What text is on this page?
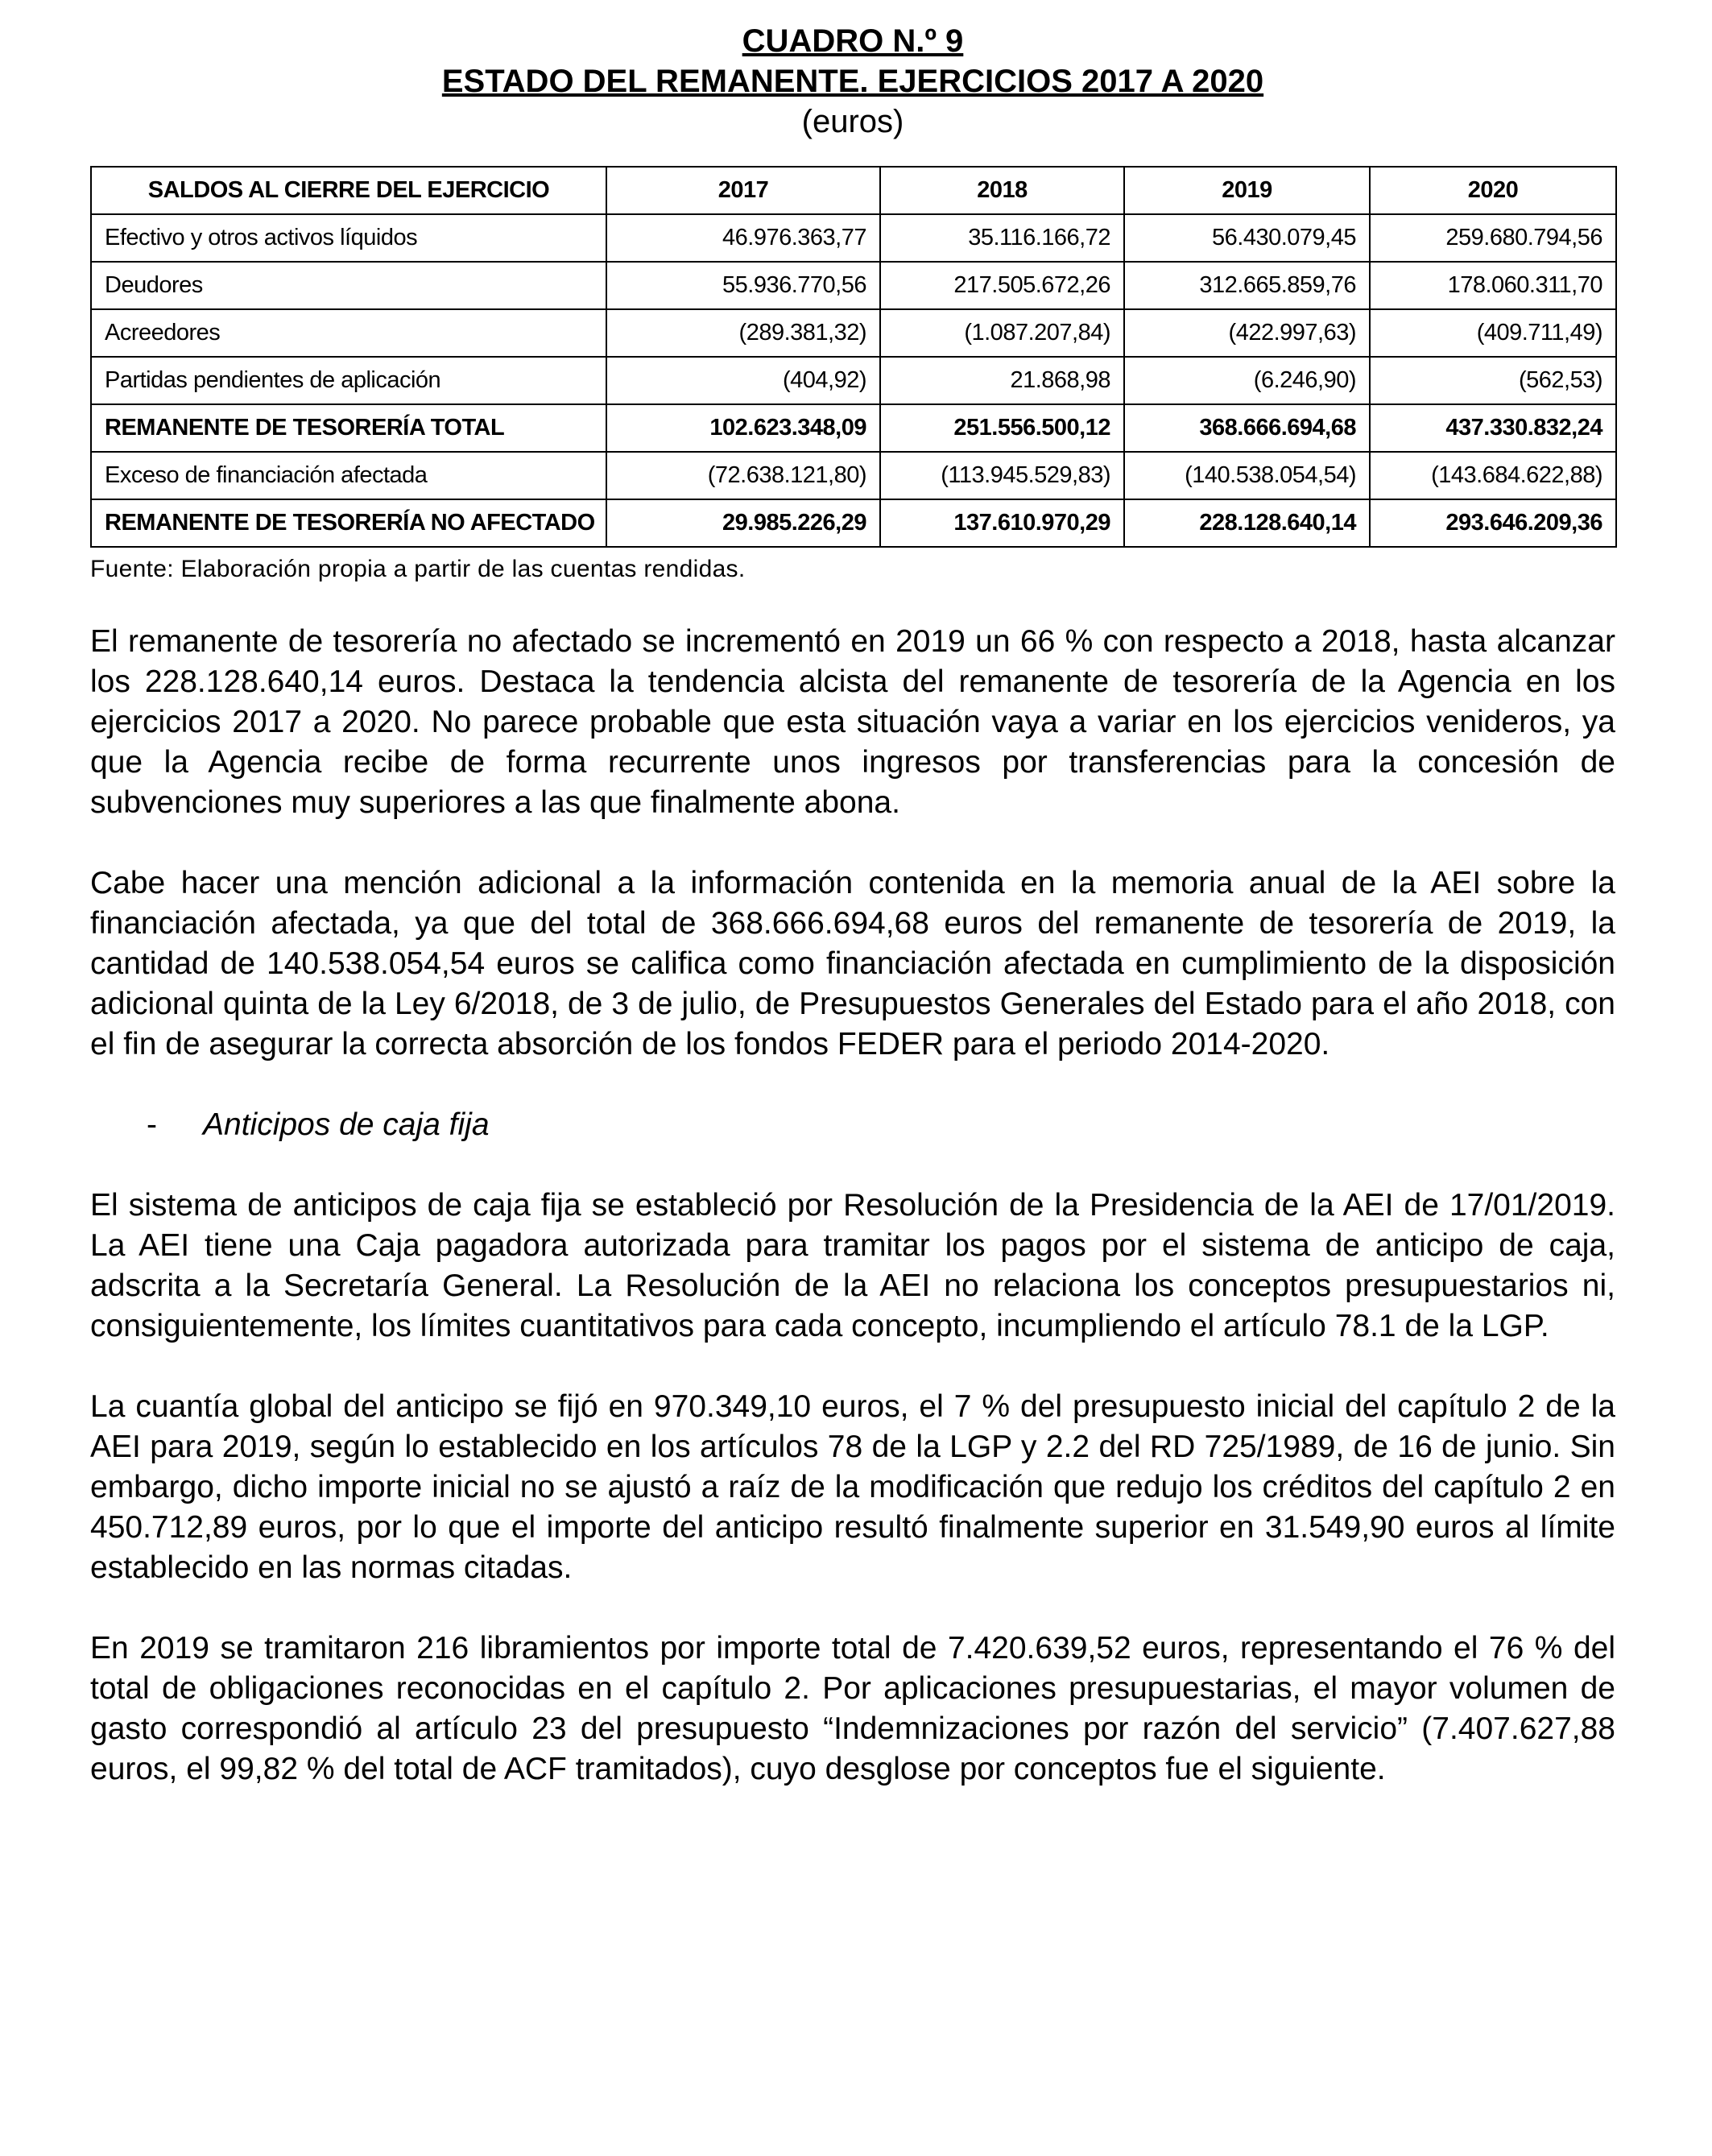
CUADRO N.º 9

ESTADO DEL REMANENTE. EJERCICIOS 2017 A 2020

(euros)

SALDOS AL CIERRE DEL EJERCICIO	2017	2018	2019	2020
Efectivo y otros activos líquidos	46.976.363,77	35.116.166,72	56.430.079,45	259.680.794,56
Deudores	55.936.770,56	217.505.672,26	312.665.859,76	178.060.311,70
Acreedores	(289.381,32)	(1.087.207,84)	(422.997,63)	(409.711,49)
Partidas pendientes de aplicación	(404,92)	21.868,98	(6.246,90)	(562,53)
REMANENTE DE TESORERÍA TOTAL	102.623.348,09	251.556.500,12	368.666.694,68	437.330.832,24
Exceso de financiación afectada	(72.638.121,80)	(113.945.529,83)	(140.538.054,54)	(143.684.622,88)
REMANENTE DE TESORERÍA NO AFECTADO	29.985.226,29	137.610.970,29	228.128.640,14	293.646.209,36

Fuente: Elaboración propia a partir de las cuentas rendidas.

El remanente de tesorería no afectado se incrementó en 2019 un 66 % con respecto a 2018, hasta alcanzar los 228.128.640,14 euros. Destaca la tendencia alcista del remanente de tesorería de la Agencia en los ejercicios 2017 a 2020. No parece probable que esta situación vaya a variar en los ejercicios venideros, ya que la Agencia recibe de forma recurrente unos ingresos por transferencias para la concesión de subvenciones muy superiores a las que finalmente abona.

Cabe hacer una mención adicional a la información contenida en la memoria anual de la AEI sobre la financiación afectada, ya que del total de 368.666.694,68 euros del remanente de tesorería de 2019, la cantidad de 140.538.054,54 euros se califica como financiación afectada en cumplimiento de la disposición adicional quinta de la Ley 6/2018, de 3 de julio, de Presupuestos Generales del Estado para el año 2018, con el fin de asegurar la correcta absorción de los fondos FEDER para el periodo 2014-2020.

- Anticipos de caja fija

El sistema de anticipos de caja fija se estableció por Resolución de la Presidencia de la AEI de 17/01/2019. La AEI tiene una Caja pagadora autorizada para tramitar los pagos por el sistema de anticipo de caja, adscrita a la Secretaría General. La Resolución de la AEI no relaciona los conceptos presupuestarios ni, consiguientemente, los límites cuantitativos para cada concepto, incumpliendo el artículo 78.1 de la LGP.

La cuantía global del anticipo se fijó en 970.349,10 euros, el 7 % del presupuesto inicial del capítulo 2 de la AEI para 2019, según lo establecido en los artículos 78 de la LGP y 2.2 del RD 725/1989, de 16 de junio. Sin embargo, dicho importe inicial no se ajustó a raíz de la modificación que redujo los créditos del capítulo 2 en 450.712,89 euros, por lo que el importe del anticipo resultó finalmente superior en 31.549,90 euros al límite establecido en las normas citadas.

En 2019 se tramitaron 216 libramientos por importe total de 7.420.639,52 euros, representando el 76 % del total de obligaciones reconocidas en el capítulo 2. Por aplicaciones presupuestarias, el mayor volumen de gasto correspondió al artículo 23 del presupuesto “Indemnizaciones por razón del servicio” (7.407.627,88 euros, el 99,82 % del total de ACF tramitados), cuyo desglose por conceptos fue el siguiente.
